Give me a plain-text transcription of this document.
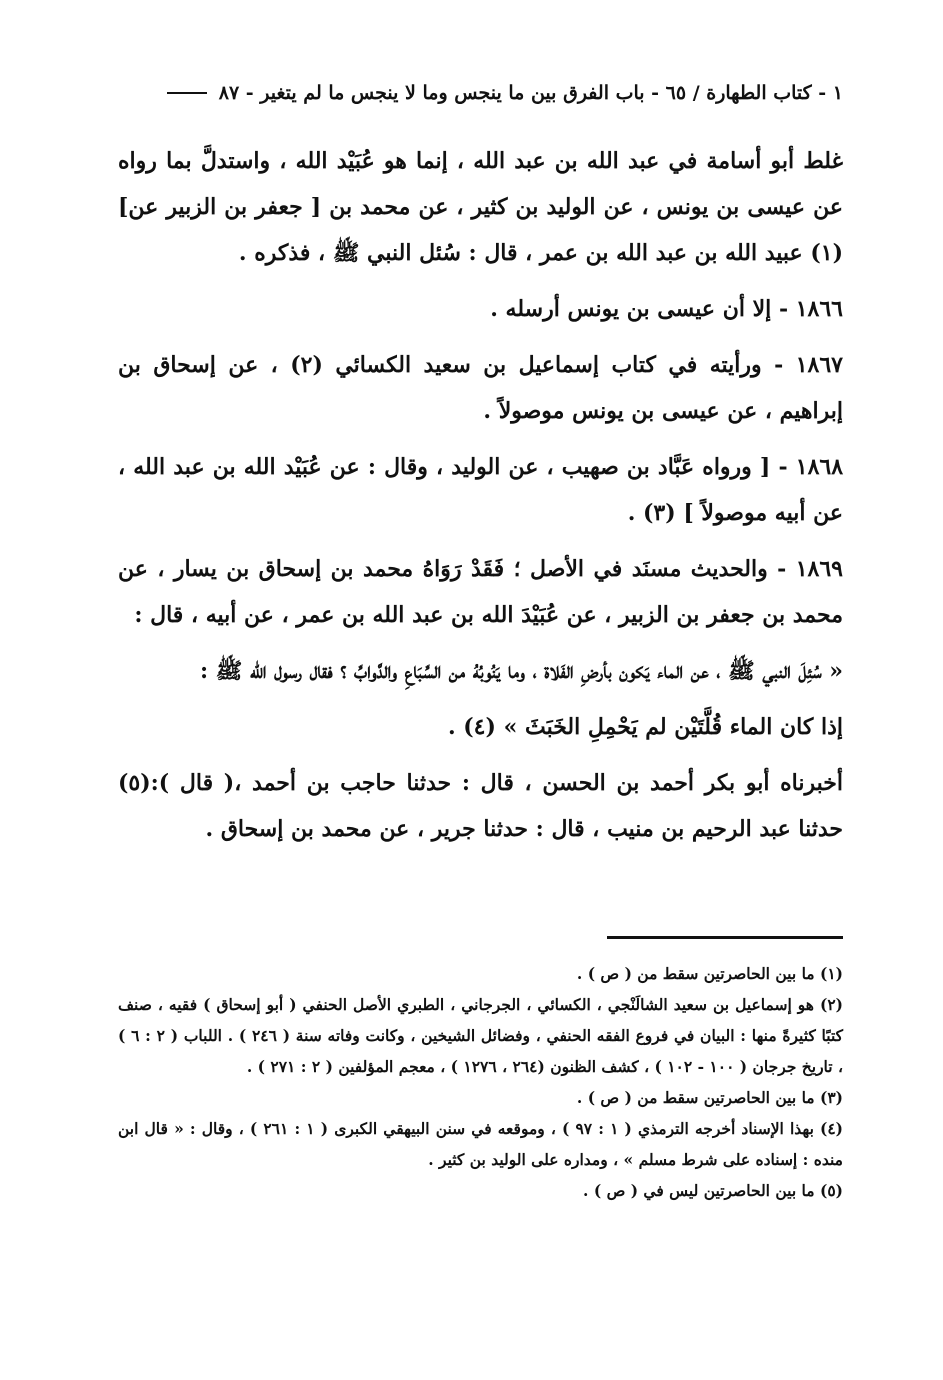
١ - كتاب الطهارة / ٦٥ - باب الفرق بين ما ينجس وما لا ينجس ما لم يتغير - ٨٧

غلط أبو أسامة في عبد الله بن عبد الله ، إنما هو عُبَيْد الله ، واستدلَّ بما رواه عن عيسى بن يونس ، عن الوليد بن كثير ، عن محمد بن [ جعفر بن الزبير عن](١) عبيد الله بن عبد الله بن عمر ، قال : سُئل النبي ﷺ ، فذكره .

١٨٦٦ - إلا أن عيسى بن يونس أرسله .

١٨٦٧ - ورأيته في كتاب إسماعيل بن سعيد الكسائي (٢) ، عن إسحاق بن إبراهيم ، عن عيسى بن يونس موصولاً .

١٨٦٨ - [ ورواه عَبَّاد بن صهيب ، عن الوليد ، وقال : عن عُبَيْد الله بن عبد الله ، عن أبيه موصولاً ] (٣) .

١٨٦٩ - والحديث مسنَد في الأصل ؛ فَقَدْ رَوَاهُ محمد بن إسحاق بن يسار ، عن محمد بن جعفر بن الزبير ، عن عُبَيْدَ الله بن عبد الله بن عمر ، عن أبيه ، قال :

« سُئِلَ النبي ﷺ ، عن الماء يَكون بأرضِ الفَلاة ، وما يَنُوبُهُ من السِّبَاعِ والدَّوابِّ ؟ فقال رسول الله ﷺ :

إذا كان الماء قُلَّتَيْن لم يَحْمِلِ الخَبَثَ » (٤) .

أخبرناه أبو بكر أحمد بن الحسن ، قال : حدثنا حاجب بن أحمد ،( قال ):(٥) حدثنا عبد الرحيم بن منيب ، قال : حدثنا جرير ، عن محمد بن إسحاق .

(١) ما بين الحاصرتين سقط من ( ص ) .

(٢) هو إسماعيل بن سعيد الشالَنْجي ، الكسائي ، الجرجاني ، الطبري الأصل الحنفي ( أبو إسحاق ) فقيه ، صنف كتبًا كثيرةً منها : البيان في فروع الفقه الحنفي ، وفضائل الشيخين ، وكانت وفاته سنة ( ٢٤٦ ) . اللباب ( ٢ : ٦ ) ، تاريخ جرجان ( ١٠٠ - ١٠٢ ) ، كشف الظنون (٢٦٤ ، ١٢٧٦ ) ، معجم المؤلفين ( ٢ : ٢٧١ ) .

(٣) ما بين الحاصرتين سقط من ( ص ) .

(٤) بهذا الإسناد أخرجه الترمذي ( ١ : ٩٧ ) ، وموقعه في سنن البيهقي الكبرى ( ١ : ٢٦١ ) ، وقال : « قال ابن منده : إسناده على شرط مسلم » ، ومداره على الوليد بن كثير .

(٥) ما بين الحاصرتين ليس في ( ص ) .
